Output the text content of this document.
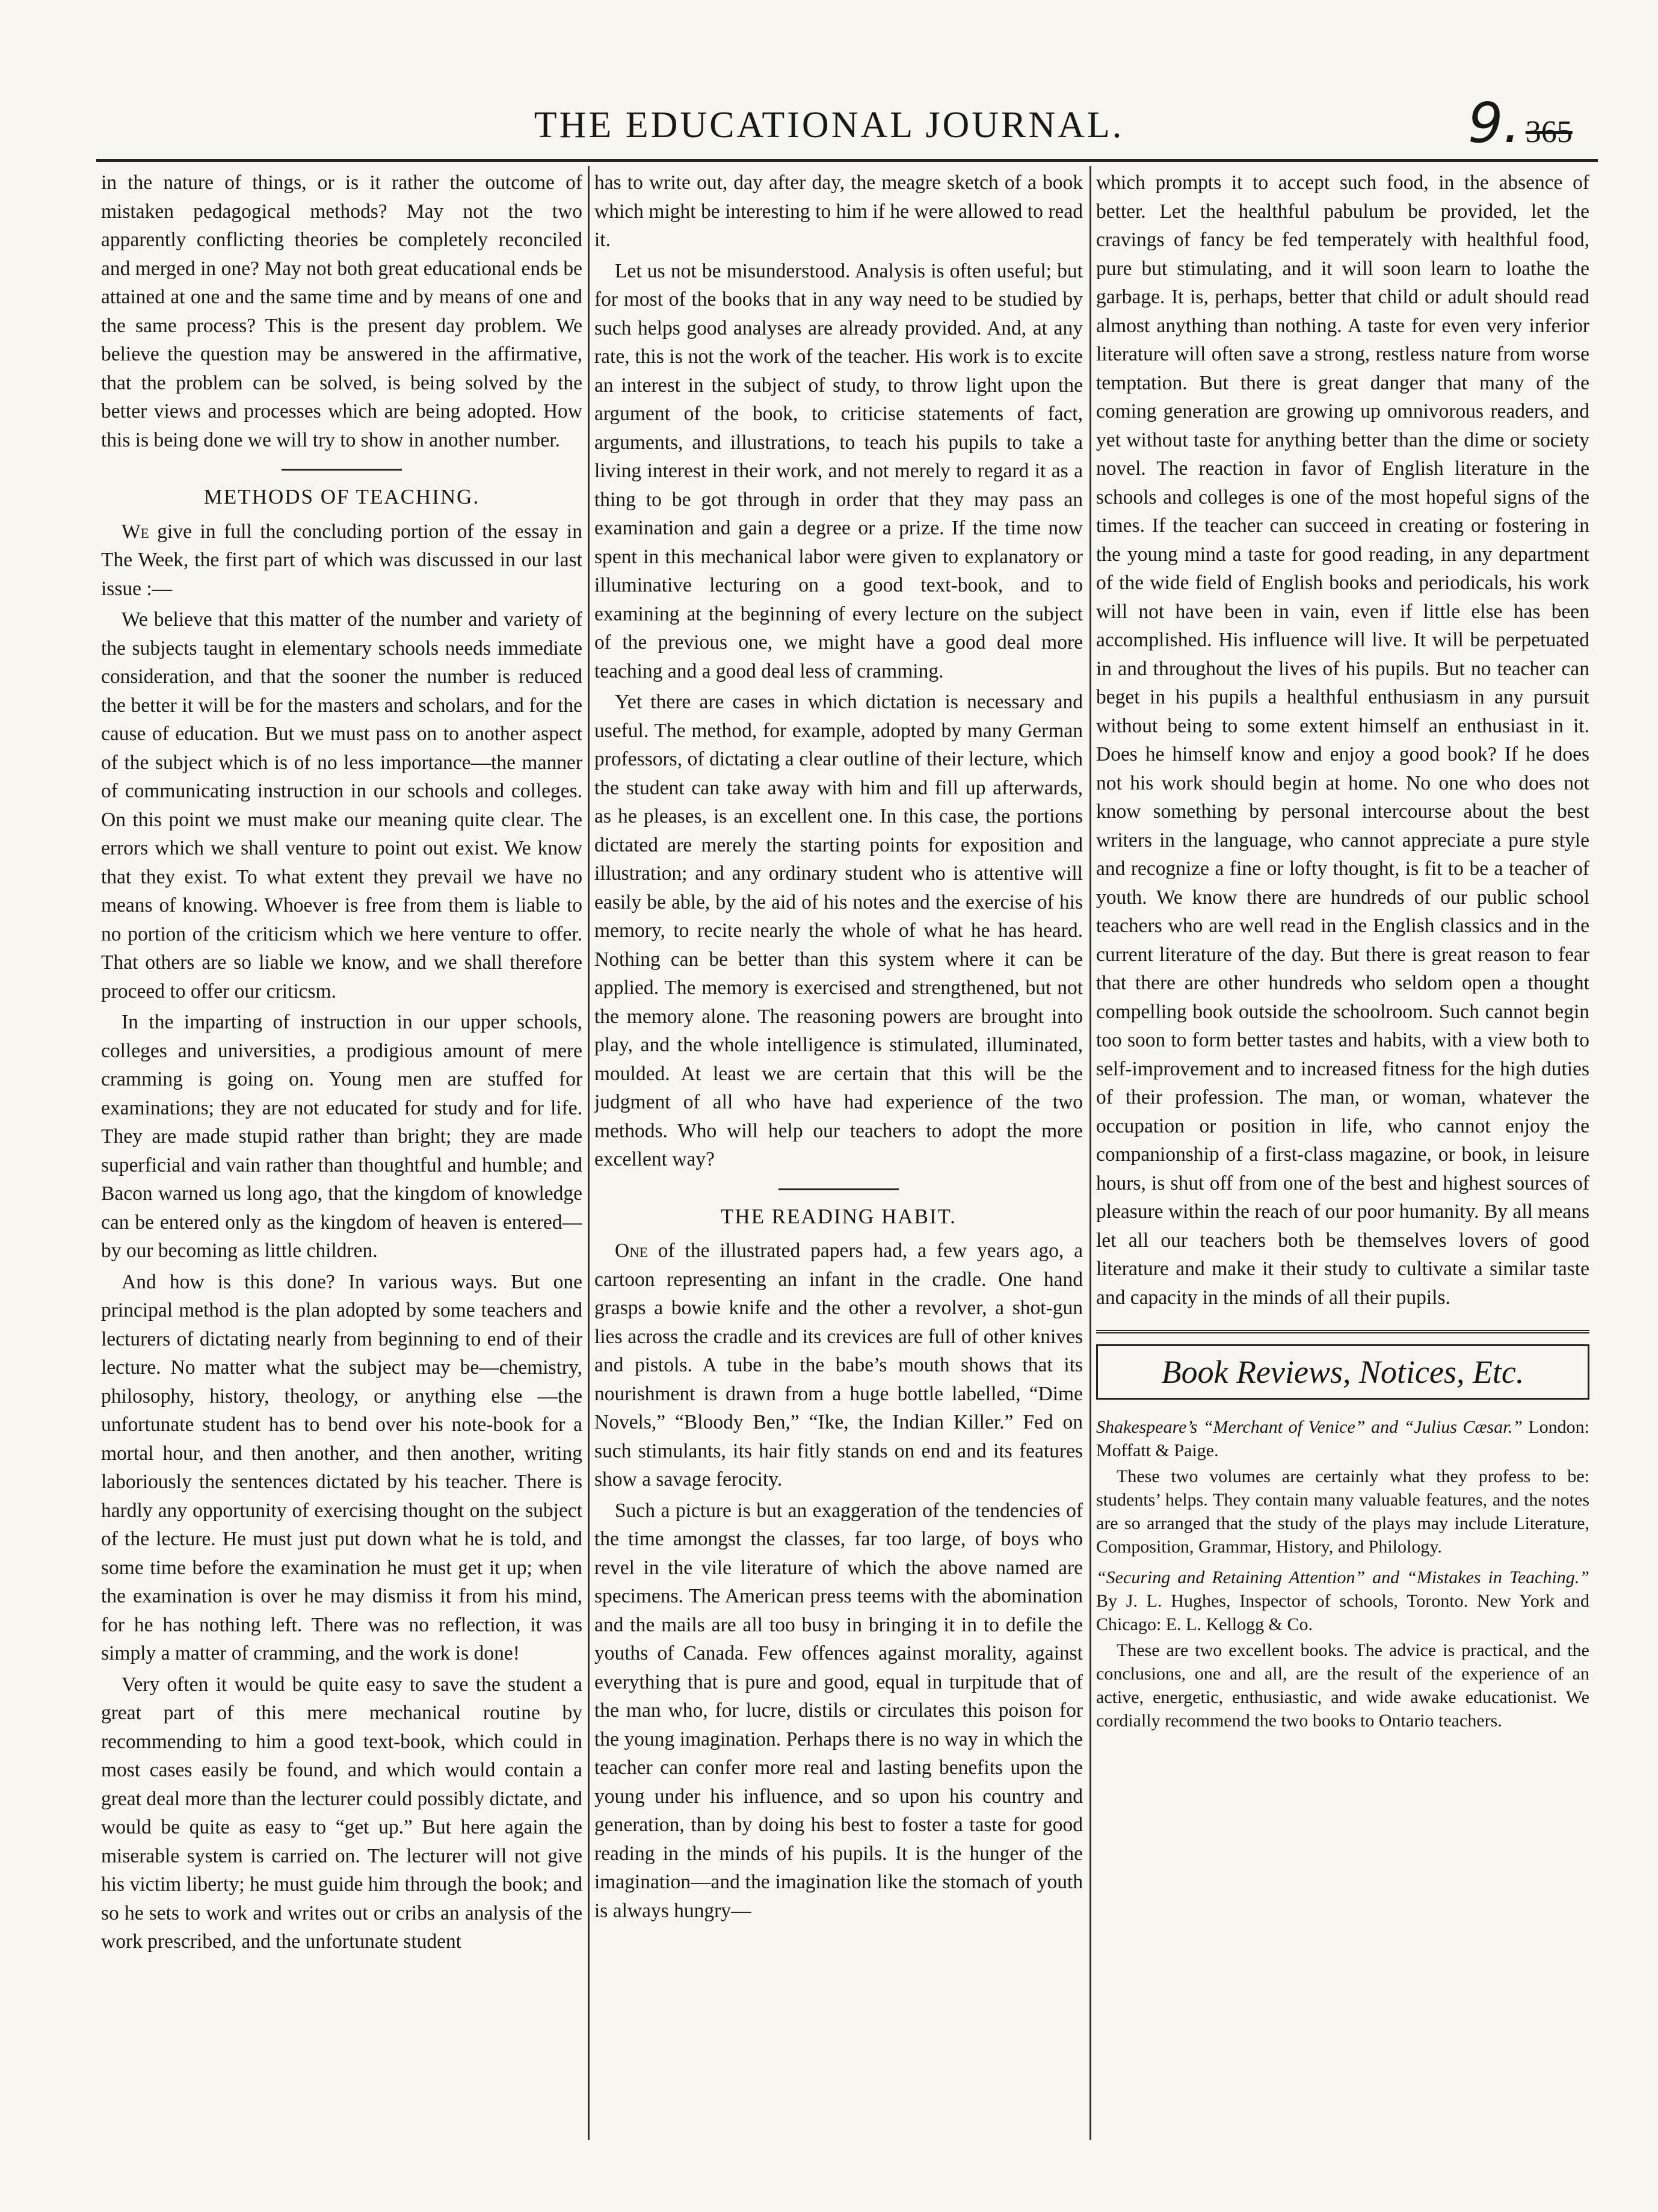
THE EDUCATIONAL JOURNAL.	9. 365

in the nature of things, or is it rather the outcome of mistaken pedagogical methods? May not the two apparently conflicting theories be completely reconciled and merged in one? May not both great educational ends be attained at one and the same time and by means of one and the same process? This is the present day problem. We believe the question may be answered in the affirmative, that the problem can be solved, is being solved by the better views and processes which are being adopted. How this is being done we will try to show in another number.

METHODS OF TEACHING.

We give in full the concluding portion of the essay in The Week, the first part of which was discussed in our last issue :—

We believe that this matter of the number and variety of the subjects taught in elementary schools needs immediate consideration, and that the sooner the number is reduced the better it will be for the masters and scholars, and for the cause of education. But we must pass on to another aspect of the subject which is of no less importance—the manner of communicating instruction in our schools and colleges. On this point we must make our meaning quite clear. The errors which we shall venture to point out exist. We know that they exist. To what extent they prevail we have no means of knowing. Whoever is free from them is liable to no portion of the criticism which we here venture to offer. That others are so liable we know, and we shall therefore proceed to offer our criticsm.

In the imparting of instruction in our upper schools, colleges and universities, a prodigious amount of mere cramming is going on. Young men are stuffed for examinations; they are not educated for study and for life. They are made stupid rather than bright; they are made superficial and vain rather than thoughtful and humble; and Bacon warned us long ago, that the kingdom of knowledge can be entered only as the kingdom of heaven is entered—by our becoming as little children.

And how is this done? In various ways. But one principal method is the plan adopted by some teachers and lecturers of dictating nearly from beginning to end of their lecture. No matter what the subject may be—chemistry, philosophy, history, theology, or anything else —the unfortunate student has to bend over his note-book for a mortal hour, and then another, and then another, writing laboriously the sentences dictated by his teacher. There is hardly any opportunity of exercising thought on the subject of the lecture. He must just put down what he is told, and some time before the examination he must get it up; when the examination is over he may dismiss it from his mind, for he has nothing left. There was no reflection, it was simply a matter of cramming, and the work is done!

Very often it would be quite easy to save the student a great part of this mere mechanical routine by recommending to him a good text-book, which could in most cases easily be found, and which would contain a great deal more than the lecturer could possibly dictate, and would be quite as easy to “get up.” But here again the miserable system is carried on. The lecturer will not give his victim liberty; he must guide him through the book; and so he sets to work and writes out or cribs an analysis of the work prescribed, and the unfortunate student

has to write out, day after day, the meagre sketch of a book which might be interesting to him if he were allowed to read it.

Let us not be misunderstood. Analysis is often useful; but for most of the books that in any way need to be studied by such helps good analyses are already provided. And, at any rate, this is not the work of the teacher. His work is to excite an interest in the subject of study, to throw light upon the argument of the book, to criticise statements of fact, arguments, and illustrations, to teach his pupils to take a living interest in their work, and not merely to regard it as a thing to be got through in order that they may pass an examination and gain a degree or a prize. If the time now spent in this mechanical labor were given to explanatory or illuminative lecturing on a good text-book, and to examining at the beginning of every lecture on the subject of the previous one, we might have a good deal more teaching and a good deal less of cramming.

Yet there are cases in which dictation is necessary and useful. The method, for example, adopted by many German professors, of dictating a clear outline of their lecture, which the student can take away with him and fill up afterwards, as he pleases, is an excellent one. In this case, the portions dictated are merely the starting points for exposition and illustration; and any ordinary student who is attentive will easily be able, by the aid of his notes and the exercise of his memory, to recite nearly the whole of what he has heard. Nothing can be better than this system where it can be applied. The memory is exercised and strengthened, but not the memory alone. The reasoning powers are brought into play, and the whole intelligence is stimulated, illuminated, moulded. At least we are certain that this will be the judgment of all who have had experience of the two methods. Who will help our teachers to adopt the more excellent way?

THE READING HABIT.

One of the illustrated papers had, a few years ago, a cartoon representing an infant in the cradle. One hand grasps a bowie knife and the other a revolver, a shot-gun lies across the cradle and its crevices are full of other knives and pistols. A tube in the babe’s mouth shows that its nourishment is drawn from a huge bottle labelled, “Dime Novels,” “Bloody Ben,” “Ike, the Indian Killer.” Fed on such stimulants, its hair fitly stands on end and its features show a savage ferocity.

Such a picture is but an exaggeration of the tendencies of the time amongst the classes, far too large, of boys who revel in the vile literature of which the above named are specimens. The American press teems with the abomination and the mails are all too busy in bringing it in to defile the youths of Canada. Few offences against morality, against everything that is pure and good, equal in turpitude that of the man who, for lucre, distils or circulates this poison for the young imagination. Perhaps there is no way in which the teacher can confer more real and lasting benefits upon the young under his influence, and so upon his country and generation, than by doing his best to foster a taste for good reading in the minds of his pupils. It is the hunger of the imagination—and the imagination like the stomach of youth is always hungry—

which prompts it to accept such food, in the absence of better. Let the healthful pabulum be provided, let the cravings of fancy be fed temperately with healthful food, pure but stimulating, and it will soon learn to loathe the garbage. It is, perhaps, better that child or adult should read almost anything than nothing. A taste for even very inferior literature will often save a strong, restless nature from worse temptation. But there is great danger that many of the coming generation are growing up omnivorous readers, and yet without taste for anything better than the dime or society novel. The reaction in favor of English literature in the schools and colleges is one of the most hopeful signs of the times. If the teacher can succeed in creating or fostering in the young mind a taste for good reading, in any department of the wide field of English books and periodicals, his work will not have been in vain, even if little else has been accomplished. His influence will live. It will be perpetuated in and throughout the lives of his pupils. But no teacher can beget in his pupils a healthful enthusiasm in any pursuit without being to some extent himself an enthusiast in it. Does he himself know and enjoy a good book? If he does not his work should begin at home. No one who does not know something by personal intercourse about the best writers in the language, who cannot appreciate a pure style and recognize a fine or lofty thought, is fit to be a teacher of youth. We know there are hundreds of our public school teachers who are well read in the English classics and in the current literature of the day. But there is great reason to fear that there are other hundreds who seldom open a thought compelling book outside the schoolroom. Such cannot begin too soon to form better tastes and habits, with a view both to self-improvement and to increased fitness for the high duties of their profession. The man, or woman, whatever the occupation or position in life, who cannot enjoy the companionship of a first-class magazine, or book, in leisure hours, is shut off from one of the best and highest sources of pleasure within the reach of our poor humanity. By all means let all our teachers both be themselves lovers of good literature and make it their study to cultivate a similar taste and capacity in the minds of all their pupils.

Book Reviews, Notices, Etc.

Shakespeare’s “Merchant of Venice” and “Julius Cæsar.” London: Moffatt & Paige.

These two volumes are certainly what they profess to be: students’ helps. They contain many valuable features, and the notes are so arranged that the study of the plays may include Literature, Composition, Grammar, History, and Philology.

“Securing and Retaining Attention” and “Mistakes in Teaching.” By J. L. Hughes, Inspector of schools, Toronto. New York and Chicago: E. L. Kellogg & Co.

These are two excellent books. The advice is practical, and the conclusions, one and all, are the result of the experience of an active, energetic, enthusiastic, and wide awake educationist. We cordially recommend the two books to Ontario teachers.
